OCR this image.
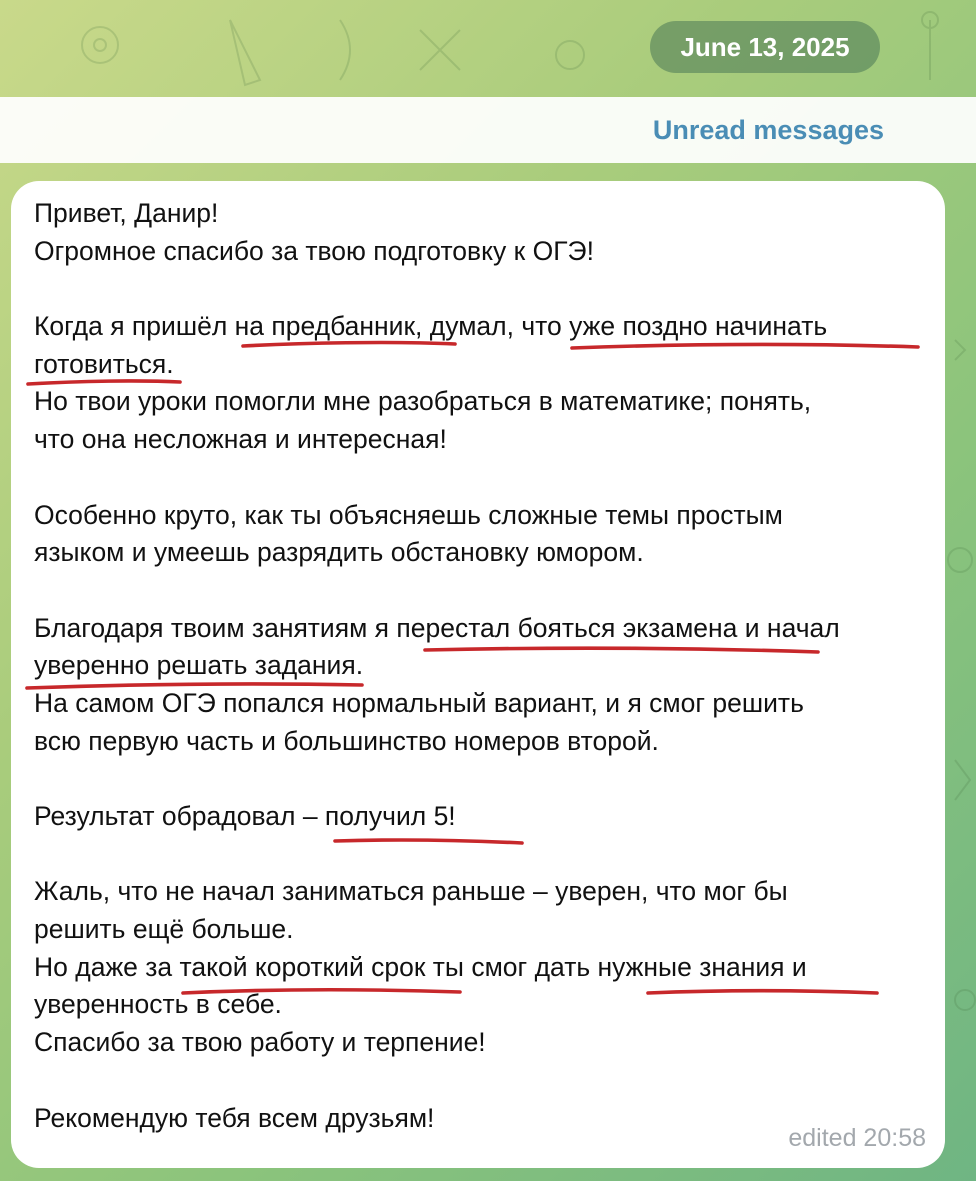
June 13, 2025
Unread messages
Привет, Данир!
Огромное спасибо за твою подготовку к ОГЭ!
Когда я пришёл на предбанник, думал, что уже поздно начинать
готовиться.
Но твои уроки помогли мне разобраться в математике; понять,
что она несложная и интересная!
Особенно круто, как ты объясняешь сложные темы простым
языком и умеешь разрядить обстановку юмором.
Благодаря твоим занятиям я перестал бояться экзамена и начал
уверенно решать задания.
На самом ОГЭ попался нормальный вариант, и я смог решить
всю первую часть и большинство номеров второй.
Результат обрадовал – получил 5!
Жаль, что не начал заниматься раньше – уверен, что мог бы
решить ещё больше.
Но даже за такой короткий срок ты смог дать нужные знания и
уверенность в себе.
Спасибо за твою работу и терпение!
Рекомендую тебя всем друзьям!
edited 20:58
